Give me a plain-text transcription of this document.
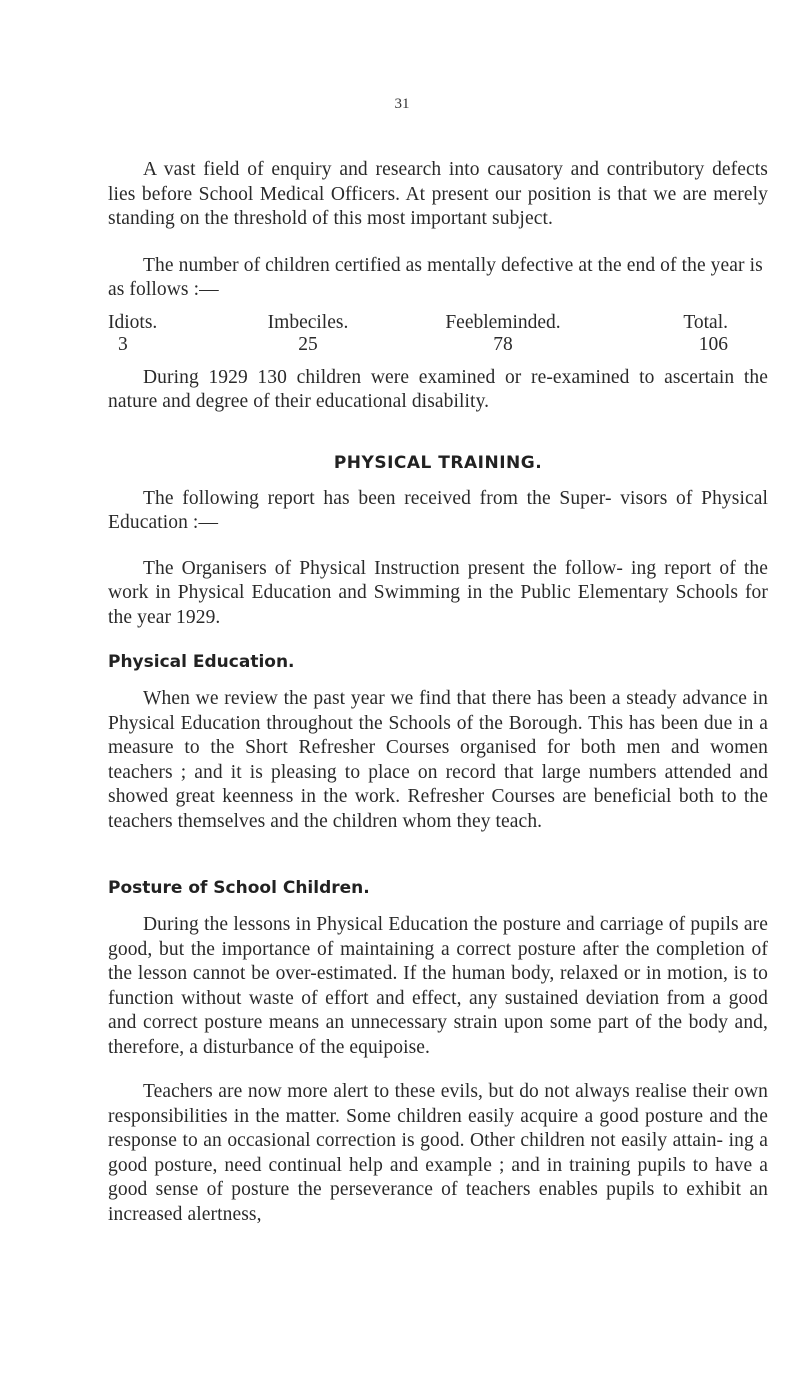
31

A vast field of enquiry and research into causatory and contributory defects lies before School Medical Officers. At present our position is that we are merely standing on the threshold of this most important subject.

The number of children certified as mentally defective at the end of the year is as follows :—

Idiots.	Imbeciles.	Feebleminded.	Total.
3	25	78	106

During 1929 130 children were examined or re-examined to ascertain the nature and degree of their educational disability.

PHYSICAL TRAINING.

The following report has been received from the Super- visors of Physical Education :—

The Organisers of Physical Instruction present the follow- ing report of the work in Physical Education and Swimming in the Public Elementary Schools for the year 1929.

Physical Education.

When we review the past year we find that there has been a steady advance in Physical Education throughout the Schools of the Borough. This has been due in a measure to the Short Refresher Courses organised for both men and women teachers ; and it is pleasing to place on record that large numbers attended and showed great keenness in the work. Refresher Courses are beneficial both to the teachers themselves and the children whom they teach.

Posture of School Children.

During the lessons in Physical Education the posture and carriage of pupils are good, but the importance of maintaining a correct posture after the completion of the lesson cannot be over-estimated. If the human body, relaxed or in motion, is to function without waste of effort and effect, any sustained deviation from a good and correct posture means an unnecessary strain upon some part of the body and, therefore, a disturbance of the equipoise.

Teachers are now more alert to these evils, but do not always realise their own responsibilities in the matter. Some children easily acquire a good posture and the response to an occasional correction is good. Other children not easily attain- ing a good posture, need continual help and example ; and in training pupils to have a good sense of posture the perseverance of teachers enables pupils to exhibit an increased alertness,
